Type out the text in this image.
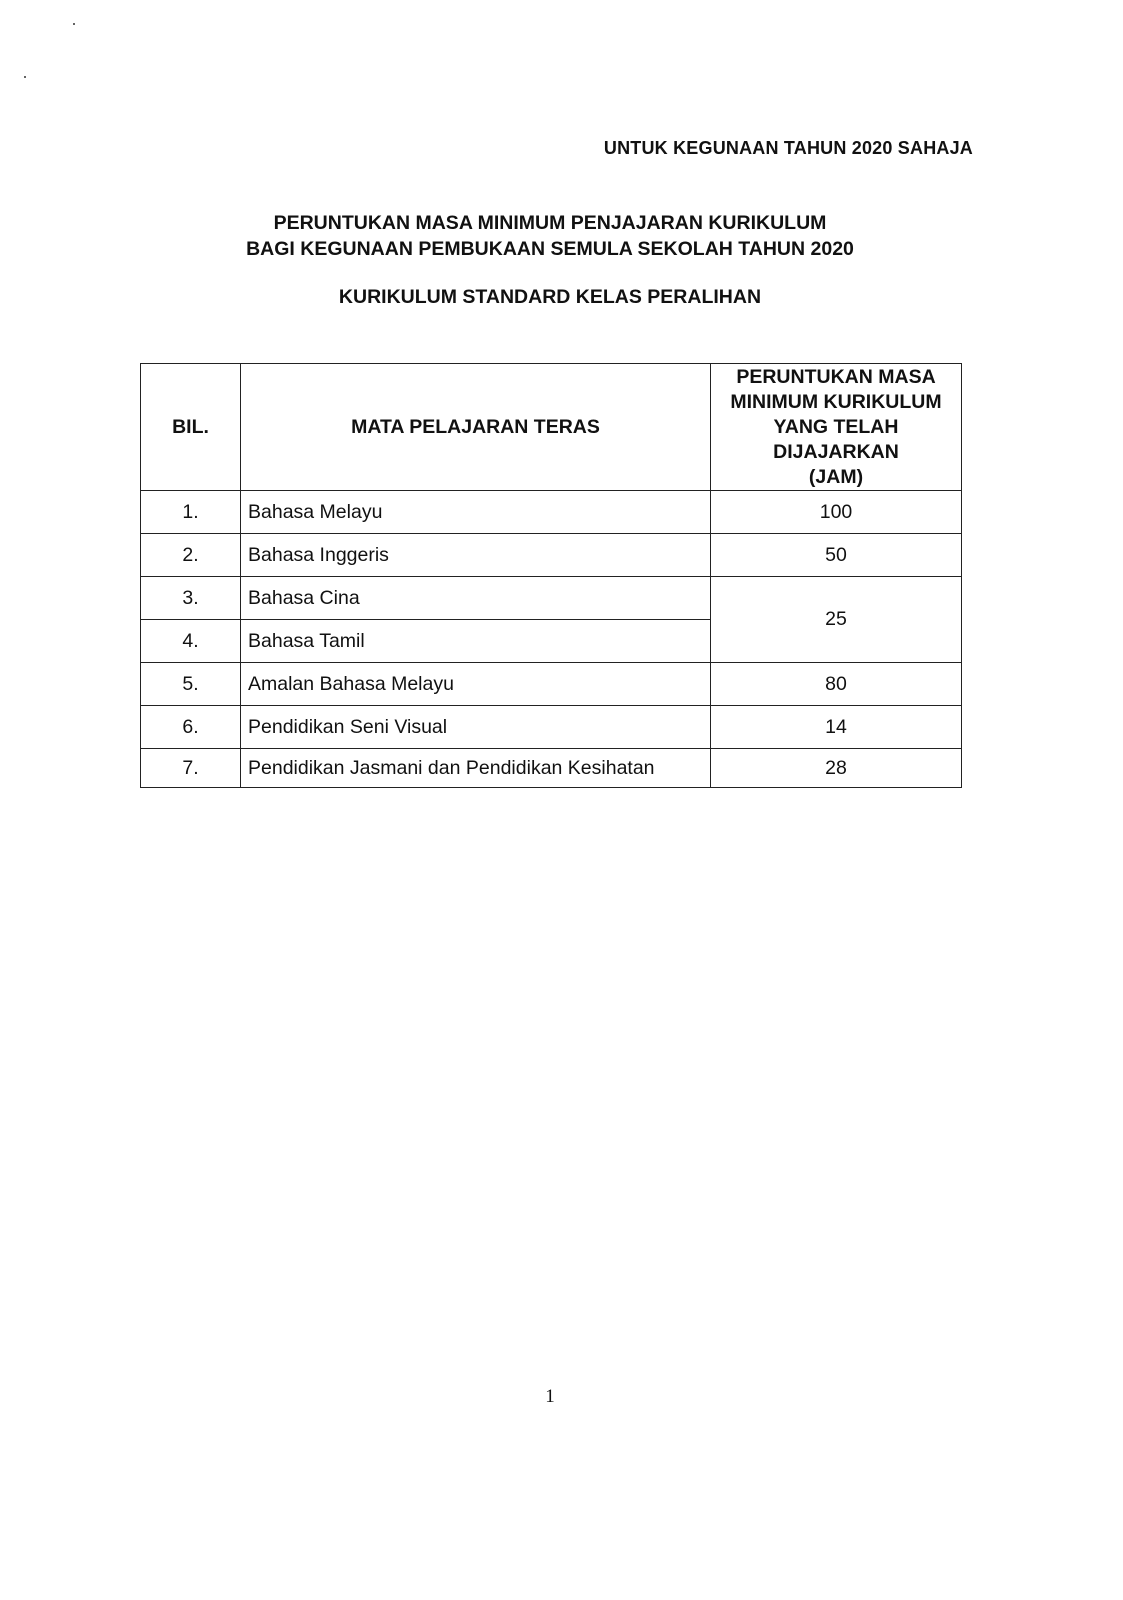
UNTUK KEGUNAAN TAHUN 2020 SAHAJA
PERUNTUKAN MASA MINIMUM PENJAJARAN KURIKULUM
BAGI KEGUNAAN PEMBUKAAN SEMULA SEKOLAH TAHUN 2020
KURIKULUM STANDARD KELAS PERALIHAN
BIL.	MATA PELAJARAN TERAS	PERUNTUKAN MASA
MINIMUM KURIKULUM
YANG TELAH
DIJAJARKAN
(JAM)

1.	Bahasa Melayu	100
2.	Bahasa Inggeris	50
3.	Bahasa Cina	25
4.	Bahasa Tamil	
5.	Amalan Bahasa Melayu	80
6.	Pendidikan Seni Visual	14
7.	Pendidikan Jasmani dan Pendidikan Kesihatan	28
1
